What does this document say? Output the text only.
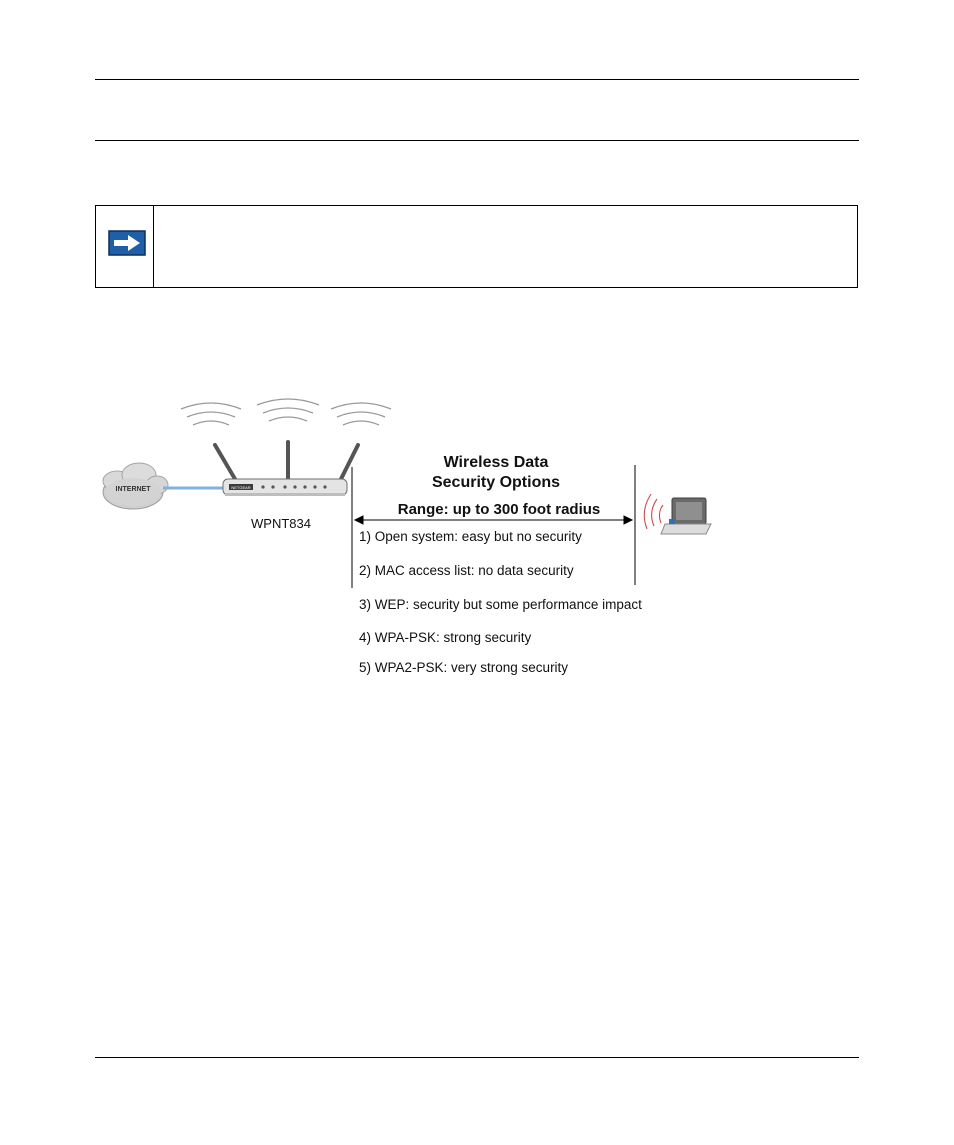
INTERNET	NETGEAR
Wireless Data
Security Options
Range: up to 300 foot radius
WPNT834
1) Open system: easy but no security
2) MAC access list: no data security
3) WEP: security but some performance impact
4) WPA-PSK: strong security
5) WPA2-PSK: very strong security
